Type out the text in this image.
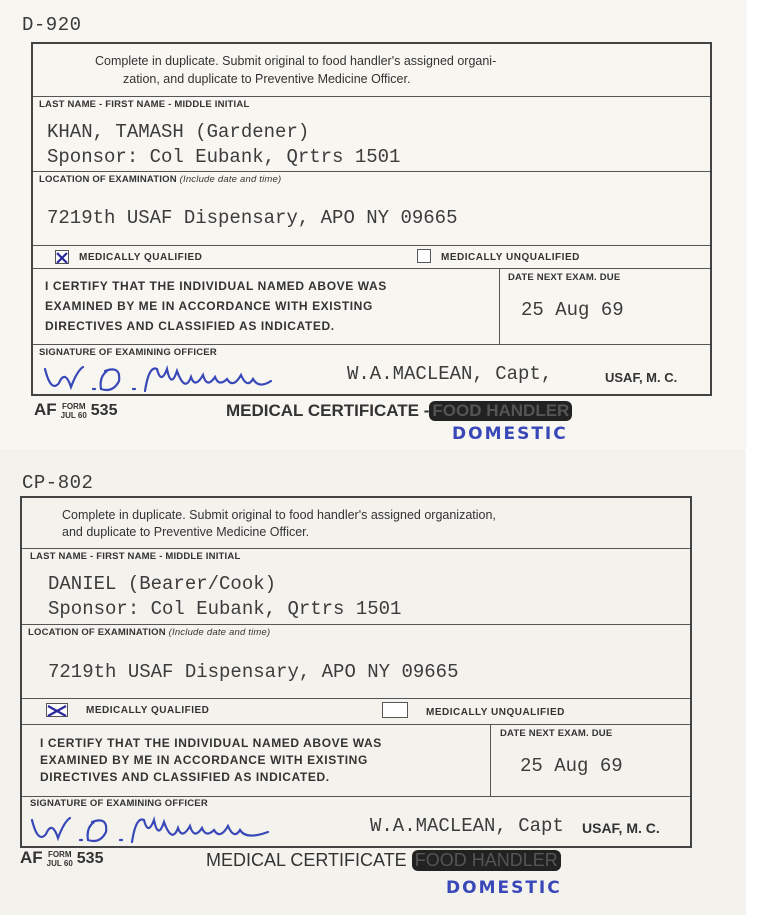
D-920
Complete in duplicate. Submit original to food handler's assigned organi-
zation, and duplicate to Preventive Medicine Officer.
LAST NAME - FIRST NAME - MIDDLE INITIAL
KHAN, TAMASH (Gardener)
Sponsor: Col Eubank, Qrtrs 1501
LOCATION OF EXAMINATION (Include date and time)
7219th USAF Dispensary, APO NY 09665
MEDICALLY QUALIFIED	MEDICALLY UNQUALIFIED
I CERTIFY THAT THE INDIVIDUAL NAMED ABOVE WAS
EXAMINED BY ME IN ACCORDANCE WITH EXISTING
DIRECTIVES AND CLASSIFIED AS INDICATED.
DATE NEXT EXAM. DUE
25 Aug 69
SIGNATURE OF EXAMINING OFFICER
W.A.MACLEAN, Capt,	USAF, M. C.
AF FORM
JUL 60 535	MEDICAL CERTIFICATE - FOOD HANDLER
DOMESTIC
CP-802
Complete in duplicate. Submit original to food handler's assigned organization,
and duplicate to Preventive Medicine Officer.
LAST NAME - FIRST NAME - MIDDLE INITIAL
DANIEL (Bearer/Cook)
Sponsor: Col Eubank, Qrtrs 1501
LOCATION OF EXAMINATION (Include date and time)
7219th USAF Dispensary, APO NY 09665
MEDICALLY QUALIFIED	MEDICALLY UNQUALIFIED
I CERTIFY THAT THE INDIVIDUAL NAMED ABOVE WAS
EXAMINED BY ME IN ACCORDANCE WITH EXISTING
DIRECTIVES AND CLASSIFIED AS INDICATED.
DATE NEXT EXAM. DUE
25 Aug 69
SIGNATURE OF EXAMINING OFFICER
W.A.MACLEAN, Capt USAF, M. C.
AF FORM
JUL 60 535	MEDICAL CERTIFICATE FOOD HANDLER
DOMESTIC
